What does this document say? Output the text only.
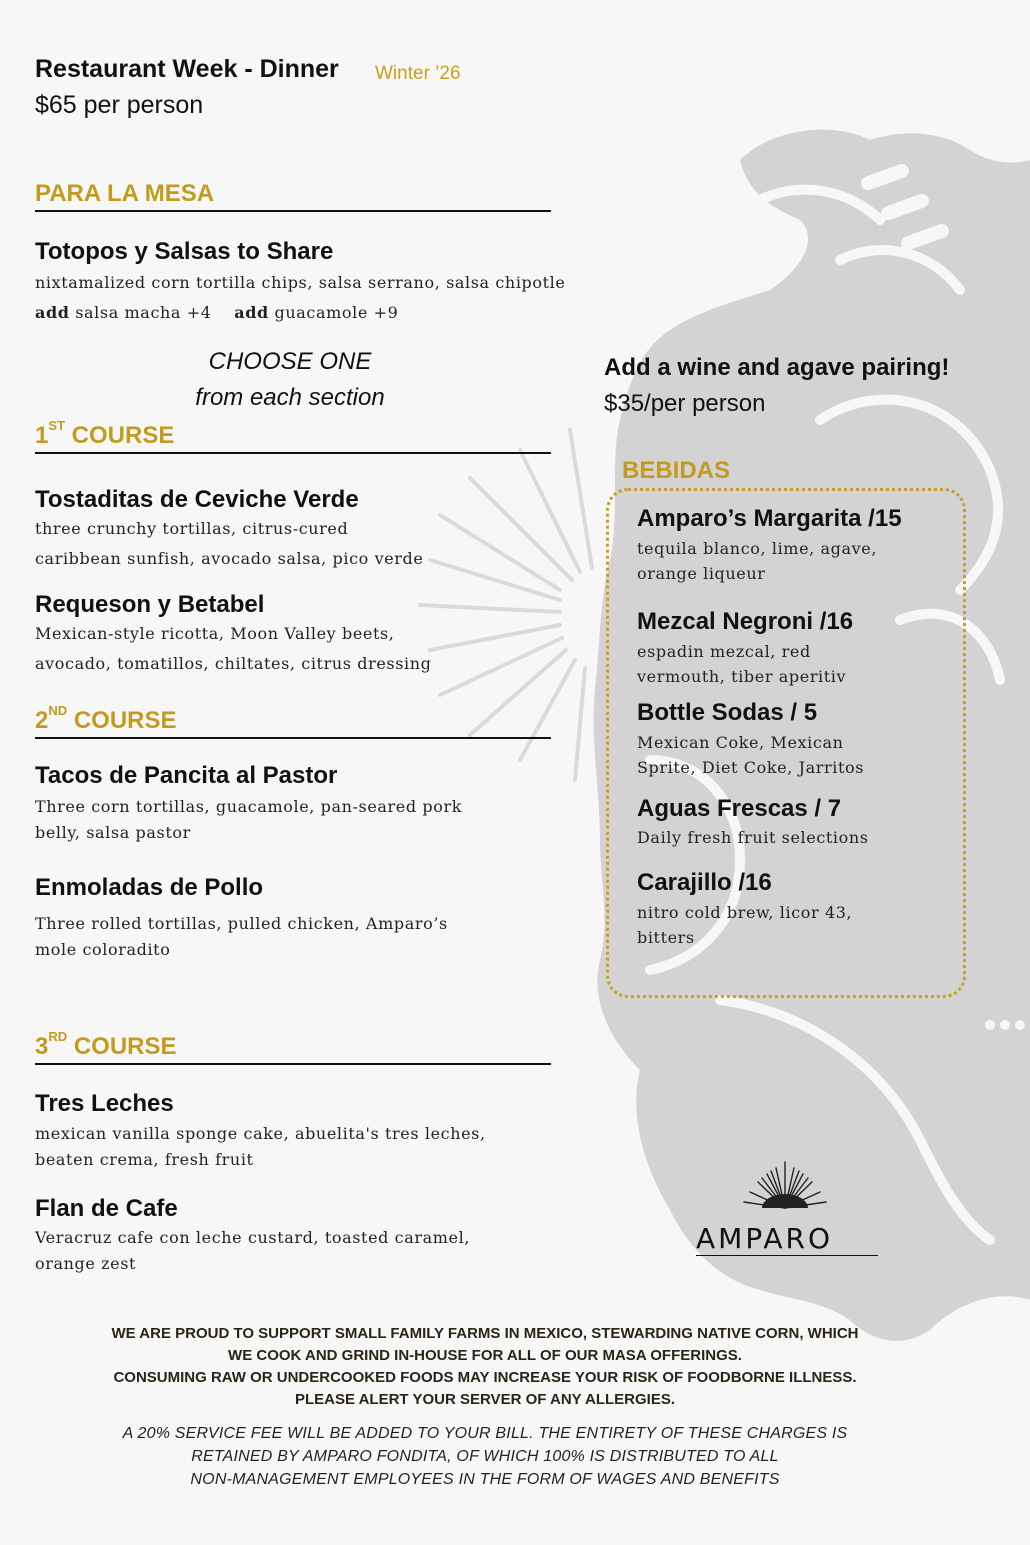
Restaurant Week - Dinner Winter ’26
$65 per person
PARA LA MESA
Totopos y Salsas to Share
nixtamalized corn tortilla chips, salsa serrano, salsa chipotle
add salsa macha +4 add guacamole +9
CHOOSE ONE
from each section
1ST COURSE
Tostaditas de Ceviche Verde
three crunchy tortillas, citrus-cured
caribbean sunfish, avocado salsa, pico verde
Requeson y Betabel
Mexican-style ricotta, Moon Valley beets,
avocado, tomatillos, chiltates, citrus dressing
2ND COURSE
Tacos de Pancita al Pastor
Three corn tortillas, guacamole, pan-seared pork
belly, salsa pastor
Enmoladas de Pollo
Three rolled tortillas, pulled chicken, Amparo’s
mole coloradito
3RD COURSE
Tres Leches
mexican vanilla sponge cake, abuelita's tres leches,
beaten crema, fresh fruit
Flan de Cafe
Veracruz cafe con leche custard, toasted caramel,
orange zest
Add a wine and agave pairing!
$35/per person
BEBIDAS
Amparo’s Margarita /15
tequila blanco, lime, agave,
orange liqueur
Mezcal Negroni /16
espadin mezcal, red
vermouth, tiber aperitiv
Bottle Sodas / 5
Mexican Coke, Mexican
Sprite, Diet Coke, Jarritos
Aguas Frescas / 7
Daily fresh fruit selections
Carajillo /16
nitro cold brew, licor 43,
bitters
AMPARO
WE ARE PROUD TO SUPPORT SMALL FAMILY FARMS IN MEXICO, STEWARDING NATIVE CORN, WHICH
WE COOK AND GRIND IN-HOUSE FOR ALL OF OUR MASA OFFERINGS.
CONSUMING RAW OR UNDERCOOKED FOODS MAY INCREASE YOUR RISK OF FOODBORNE ILLNESS.
PLEASE ALERT YOUR SERVER OF ANY ALLERGIES.
A 20% SERVICE FEE WILL BE ADDED TO YOUR BILL. THE ENTIRETY OF THESE CHARGES IS
RETAINED BY AMPARO FONDITA, OF WHICH 100% IS DISTRIBUTED TO ALL
NON-MANAGEMENT EMPLOYEES IN THE FORM OF WAGES AND BENEFITS
